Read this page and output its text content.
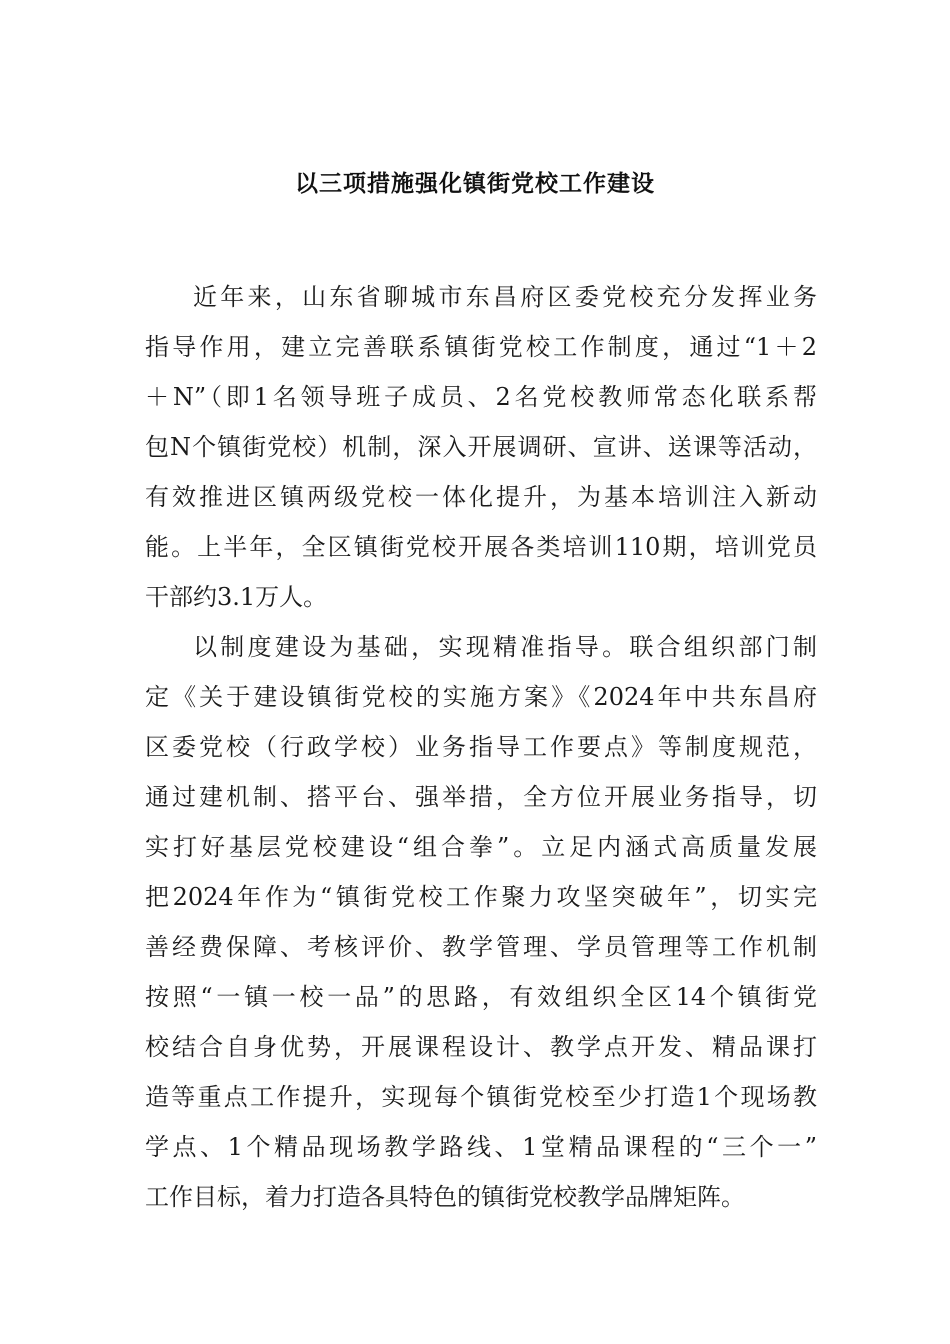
以三项措施强化镇街党校工作建设
近年来，山东省聊城市东昌府区委党校充分发挥业务
指导作用，建立完善联系镇街党校工作制度，通过“1＋2
＋N”（即1名领导班子成员、2名党校教师常态化联系帮
包N个镇街党校）机制，深入开展调研、宣讲、送课等活动，
有效推进区镇两级党校一体化提升，为基本培训注入新动
能。上半年，全区镇街党校开展各类培训110期，培训党员
干部约3.1万人。
以制度建设为基础，实现精准指导。联合组织部门制
定《关于建设镇街党校的实施方案》《2024年中共东昌府
区委党校（行政学校）业务指导工作要点》等制度规范，
通过建机制、搭平台、强举措，全方位开展业务指导，切
实打好基层党校建设“组合拳”。立足内涵式高质量发展
把2024年作为“镇街党校工作聚力攻坚突破年”，切实完
善经费保障、考核评价、教学管理、学员管理等工作机制
按照“一镇一校一品”的思路，有效组织全区14个镇街党
校结合自身优势，开展课程设计、教学点开发、精品课打
造等重点工作提升，实现每个镇街党校至少打造1个现场教
学点、1个精品现场教学路线、1堂精品课程的“三个一”
工作目标，着力打造各具特色的镇街党校教学品牌矩阵。
